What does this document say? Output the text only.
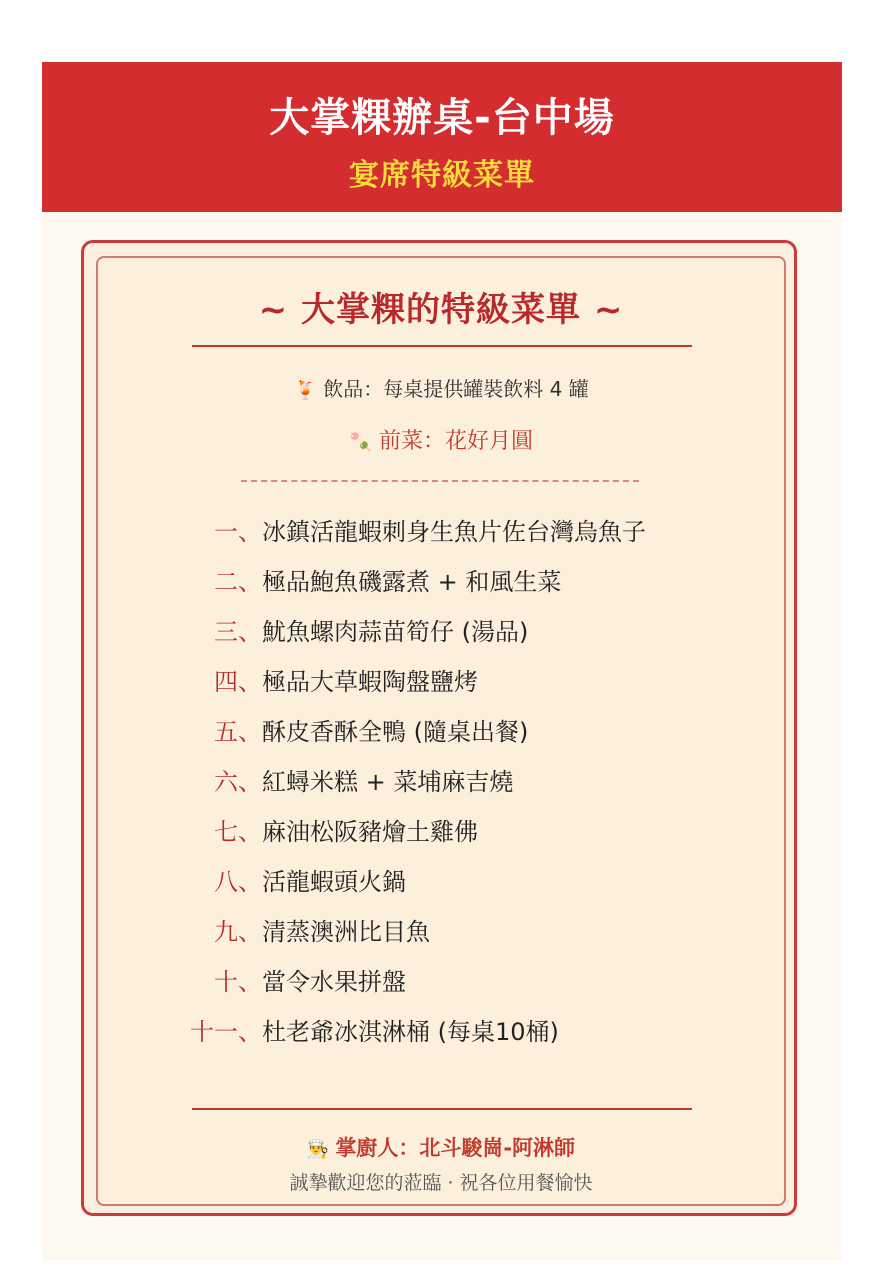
大掌粿辦桌-台中場
宴席特級菜單
~ 大掌粿的特級菜單 ~
🍹 飲品：每桌提供罐裝飲料 4 罐
🍡 前菜：花好月圓
一、冰鎮活龍蝦刺身生魚片佐台灣烏魚子
二、極品鮑魚磯露煮 + 和風生菜
三、魷魚螺肉蒜苗筍仔 (湯品)
四、極品大草蝦陶盤鹽烤
五、酥皮香酥全鴨 (隨桌出餐)
六、紅蟳米糕 + 菜埔麻吉燒
七、麻油松阪豬燴土雞佛
八、活龍蝦頭火鍋
九、清蒸澳洲比目魚
十、當令水果拼盤
十一、杜老爺冰淇淋桶 (每桌10桶)
👨‍🍳 掌廚人：北斗駿崗-阿淋師
誠摯歡迎您的蒞臨 · 祝各位用餐愉快
